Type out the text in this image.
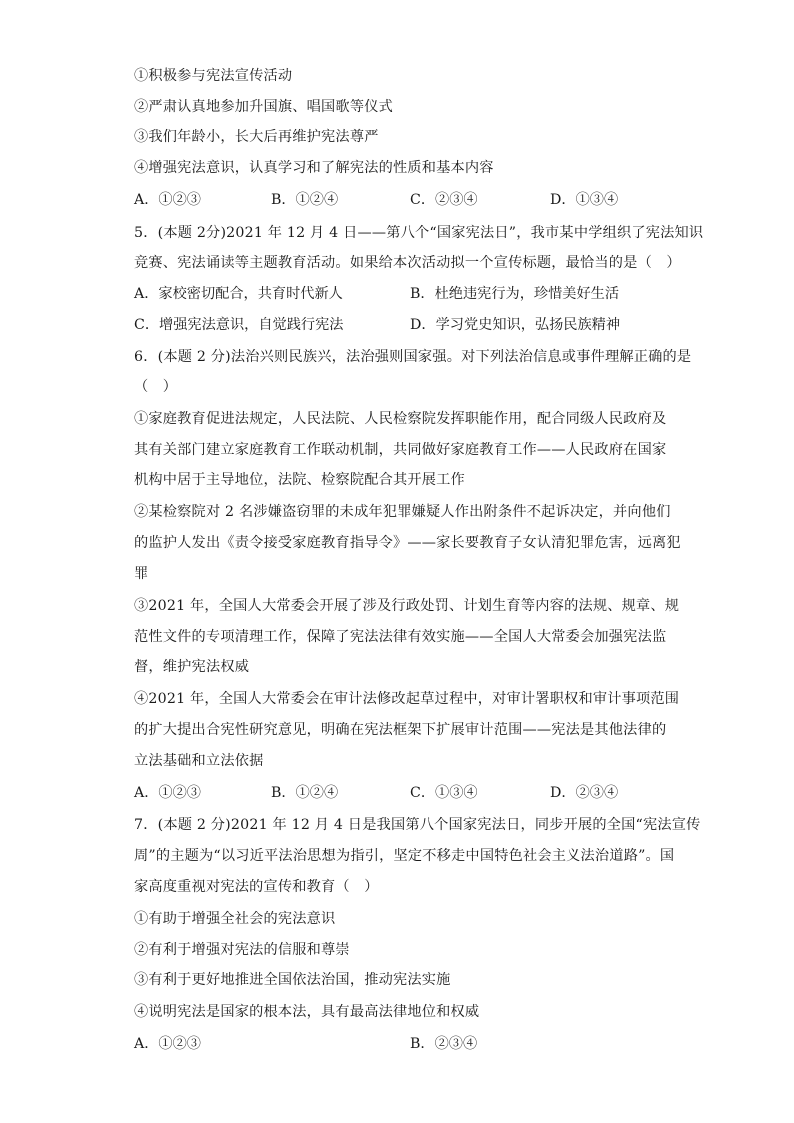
①积极参与宪法宣传活动
②严肃认真地参加升国旗、唱国歌等仪式
③我们年龄小，长大后再维护宪法尊严
④增强宪法意识，认真学习和了解宪法的性质和基本内容
A．①②③	B．①②④	C．②③④	D．①③④
5．(本题 2分)2021 年 12 月 4 日——第八个“国家宪法日”，我市某中学组织了宪法知识
竞赛、宪法诵读等主题教育活动。如果给本次活动拟一个宣传标题，最恰当的是（　）
A．家校密切配合，共育时代新人	B．杜绝违宪行为，珍惜美好生活
C．增强宪法意识，自觉践行宪法	D．学习党史知识，弘扬民族精神
6．(本题 2 分)法治兴则民族兴，法治强则国家强。对下列法治信息或事件理解正确的是
（　）
①家庭教育促进法规定，人民法院、人民检察院发挥职能作用，配合同级人民政府及
其有关部门建立家庭教育工作联动机制，共同做好家庭教育工作——人民政府在国家
机构中居于主导地位，法院、检察院配合其开展工作
②某检察院对 2 名涉嫌盗窃罪的未成年犯罪嫌疑人作出附条件不起诉决定，并向他们
的监护人发出《责令接受家庭教育指导令》——家长要教育子女认清犯罪危害，远离犯
罪
③2021 年，全国人大常委会开展了涉及行政处罚、计划生育等内容的法规、规章、规
范性文件的专项清理工作，保障了宪法法律有效实施——全国人大常委会加强宪法监
督，维护宪法权威
④2021 年，全国人大常委会在审计法修改起草过程中，对审计署职权和审计事项范围
的扩大提出合宪性研究意见，明确在宪法框架下扩展审计范围——宪法是其他法律的
立法基础和立法依据
A．①②③	B．①②④	C．①③④	D．②③④
7．(本题 2 分)2021 年 12 月 4 日是我国第八个国家宪法日，同步开展的全国“宪法宣传
周”的主题为“以习近平法治思想为指引，坚定不移走中国特色社会主义法治道路”。国
家高度重视对宪法的宣传和教育（　）
①有助于增强全社会的宪法意识
②有利于增强对宪法的信服和尊崇
③有利于更好地推进全国依法治国，推动宪法实施
④说明宪法是国家的根本法，具有最高法律地位和权威
A．①②③	B．②③④
